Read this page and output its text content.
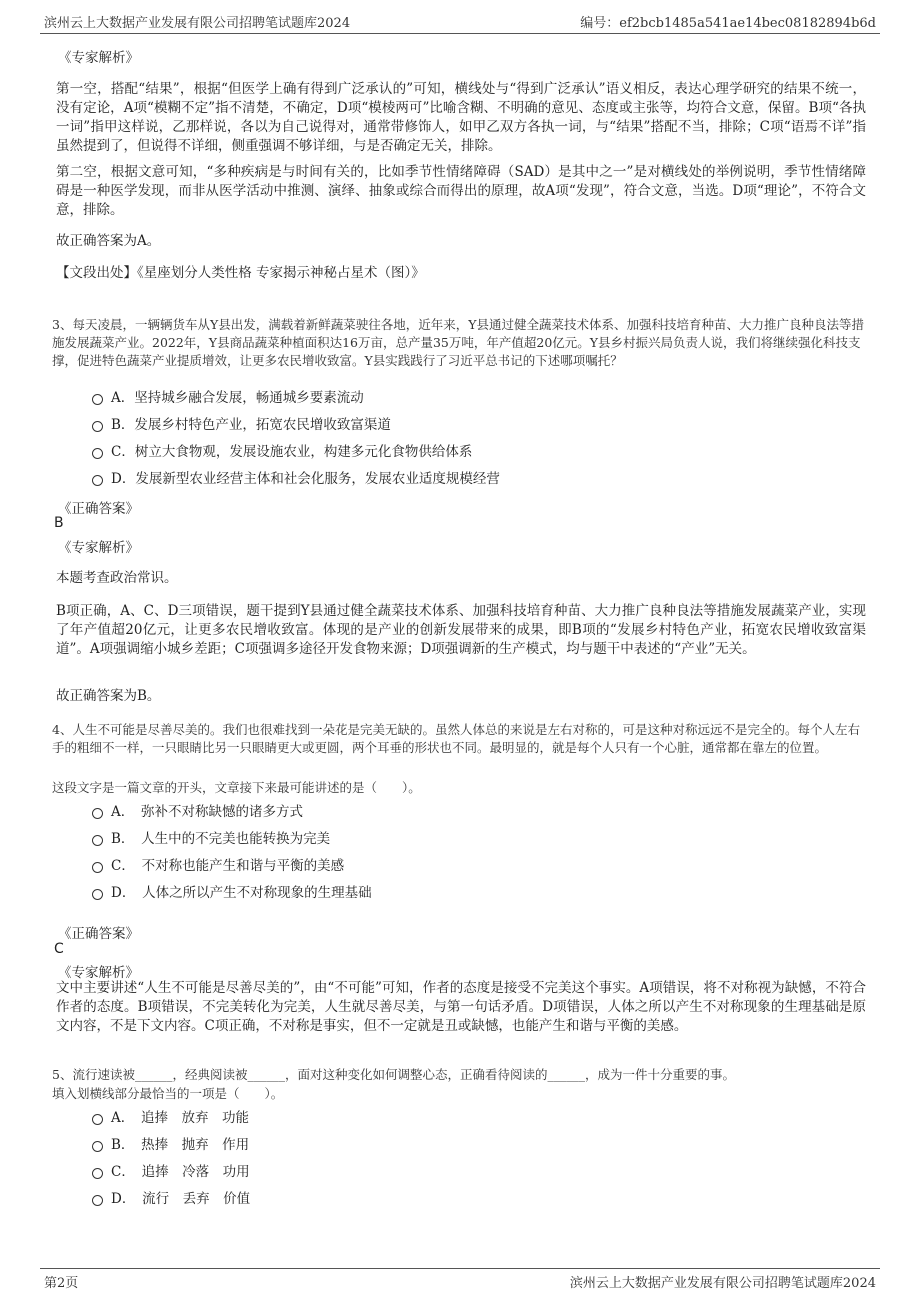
滨州云上大数据产业发展有限公司招聘笔试题库2024	编号：ef2bcb1485a541ae14bec08182894b6d
《专家解析》
第一空，搭配“结果”，根据“但医学上确有得到广泛承认的”可知，横线处与“得到广泛承认”语义相反，表达心理学研究的结果不统一，没有定论，A项“模糊不定”指不清楚，不确定，D项“模棱两可”比喻含糊、不明确的意见、态度或主张等，均符合文意，保留。B项“各执一词”指甲这样说，乙那样说，各以为自己说得对，通常带修饰人，如甲乙双方各执一词，与“结果”搭配不当，排除；C项“语焉不详”指虽然提到了，但说得不详细，侧重强调不够详细，与是否确定无关，排除。
第二空，根据文意可知，“多种疾病是与时间有关的，比如季节性情绪障碍（SAD）是其中之一”是对横线处的举例说明，季节性情绪障碍是一种医学发现，而非从医学活动中推测、演绎、抽象或综合而得出的原理，故A项“发现”，符合文意，当选。D项“理论”，不符合文意，排除。
故正确答案为A。
【文段出处】《星座划分人类性格 专家揭示神秘占星术（图）》
3、每天凌晨，一辆辆货车从Y县出发，满载着新鲜蔬菜驶往各地，近年来，Y县通过健全蔬菜技术体系、加强科技培育种苗、大力推广良种良法等措施发展蔬菜产业。2022年，Y县商品蔬菜种植面积达16万亩，总产量35万吨，年产值超20亿元。Y县乡村振兴局负责人说，我们将继续强化科技支撑，促进特色蔬菜产业提质增效，让更多农民增收致富。Y县实践践行了习近平总书记的下述哪项嘱托？
A．坚持城乡融合发展，畅通城乡要素流动
B．发展乡村特色产业，拓宽农民增收致富渠道
C．树立大食物观，发展设施农业，构建多元化食物供给体系
D．发展新型农业经营主体和社会化服务，发展农业适度规模经营
《正确答案》
B
《专家解析》
本题考查政治常识。
B项正确，A、C、D三项错误，题干提到Y县通过健全蔬菜技术体系、加强科技培育种苗、大力推广良种良法等措施发展蔬菜产业，实现了年产值超20亿元，让更多农民增收致富。体现的是产业的创新发展带来的成果，即B项的“发展乡村特色产业，拓宽农民增收致富渠道”。A项强调缩小城乡差距；C项强调多途径开发食物来源；D项强调新的生产模式，均与题干中表述的“产业”无关。
故正确答案为B。
4、人生不可能是尽善尽美的。我们也很难找到一朵花是完美无缺的。虽然人体总的来说是左右对称的，可是这种对称远远不是完全的。每个人左右手的粗细不一样，一只眼睛比另一只眼睛更大或更圆，两个耳垂的形状也不同。最明显的，就是每个人只有一个心脏，通常都在靠左的位置。
这段文字是一篇文章的开头，文章接下来最可能讲述的是（　　）。
A．　弥补不对称缺憾的诸多方式
B．　人生中的不完美也能转换为完美
C．　不对称也能产生和谐与平衡的美感
D．　人体之所以产生不对称现象的生理基础
《正确答案》
C
《专家解析》
文中主要讲述“人生不可能是尽善尽美的”，由“不可能”可知，作者的态度是接受不完美这个事实。A项错误，将不对称视为缺憾，不符合作者的态度。B项错误，不完美转化为完美，人生就尽善尽美，与第一句话矛盾。D项错误，人体之所以产生不对称现象的生理基础是原文内容，不是下文内容。C项正确，不对称是事实，但不一定就是丑或缺憾，也能产生和谐与平衡的美感。
5、流行速读被______，经典阅读被______，面对这种变化如何调整心态，正确看待阅读的______，成为一件十分重要的事。
填入划横线部分最恰当的一项是（　　）。
A．　追捧　放弃　功能
B．　热捧　抛弃　作用
C．　追捧　冷落　功用
D．　流行　丢弃　价值
第2页	滨州云上大数据产业发展有限公司招聘笔试题库2024
